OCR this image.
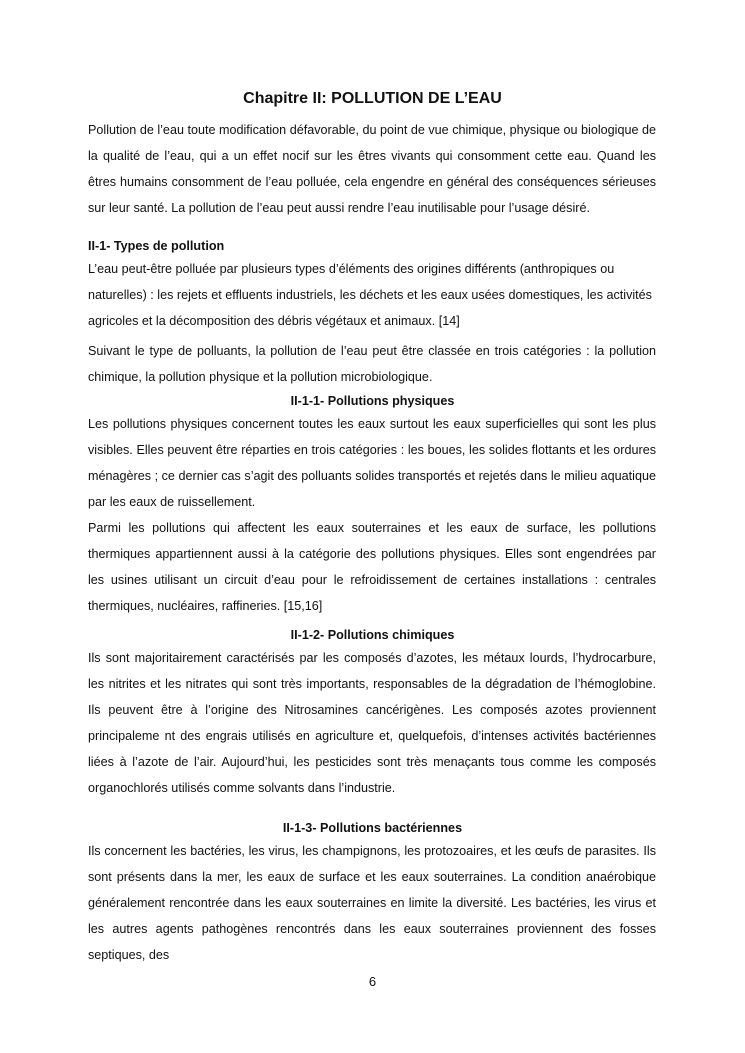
Chapitre II: POLLUTION DE L’EAU

Pollution de l’eau toute modification défavorable, du point de vue chimique, physique ou biologique de la qualité de l’eau, qui a un effet nocif sur les êtres vivants qui consomment cette eau. Quand les êtres humains consomment de l’eau polluée, cela engendre en général des conséquences sérieuses sur leur santé. La pollution de l’eau peut aussi rendre l’eau inutilisable pour l’usage désiré.

II-1- Types de pollution

L’eau peut-être polluée par plusieurs types d’éléments des origines différents (anthropiques ou naturelles) : les rejets et effluents industriels, les déchets et les eaux usées domestiques, les activités agricoles et la décomposition des débris végétaux et animaux. [14]

Suivant le type de polluants, la pollution de l’eau peut être classée en trois catégories : la pollution chimique, la pollution physique et la pollution microbiologique.

II-1-1- Pollutions physiques

Les pollutions physiques concernent toutes les eaux surtout les eaux superficielles qui sont les plus visibles. Elles peuvent être réparties en trois catégories : les boues, les solides flottants et les ordures ménagères ; ce dernier cas s’agit des polluants solides transportés et rejetés dans le milieu aquatique par les eaux de ruissellement.

Parmi les pollutions qui affectent les eaux souterraines et les eaux de surface, les pollutions thermiques appartiennent aussi à la catégorie des pollutions physiques. Elles sont engendrées par les usines utilisant un circuit d’eau pour le refroidissement de certaines installations : centrales thermiques, nucléaires, raffineries. [15,16]

II-1-2- Pollutions chimiques

Ils sont majoritairement caractérisés par les composés d’azotes, les métaux lourds, l’hydrocarbure, les nitrites et les nitrates qui sont très importants, responsables de la dégradation de l’hémoglobine. Ils peuvent être à l’origine des Nitrosamines cancérigènes. Les composés azotes proviennent principaleme nt des engrais utilisés en agriculture et, quelquefois, d’intenses activités bactériennes liées à l’azote de l’air. Aujourd’hui, les pesticides sont très menaçants tous comme les composés organochlorés utilisés comme solvants dans l’industrie.

II-1-3- Pollutions bactériennes

Ils concernent les bactéries, les virus, les champignons, les protozoaires, et les œufs de parasites. Ils sont présents dans la mer, les eaux de surface et les eaux souterraines. La condition anaérobique généralement rencontrée dans les eaux souterraines en limite la diversité. Les bactéries, les virus et les autres agents pathogènes rencontrés dans les eaux souterraines proviennent des fosses septiques, des

6
